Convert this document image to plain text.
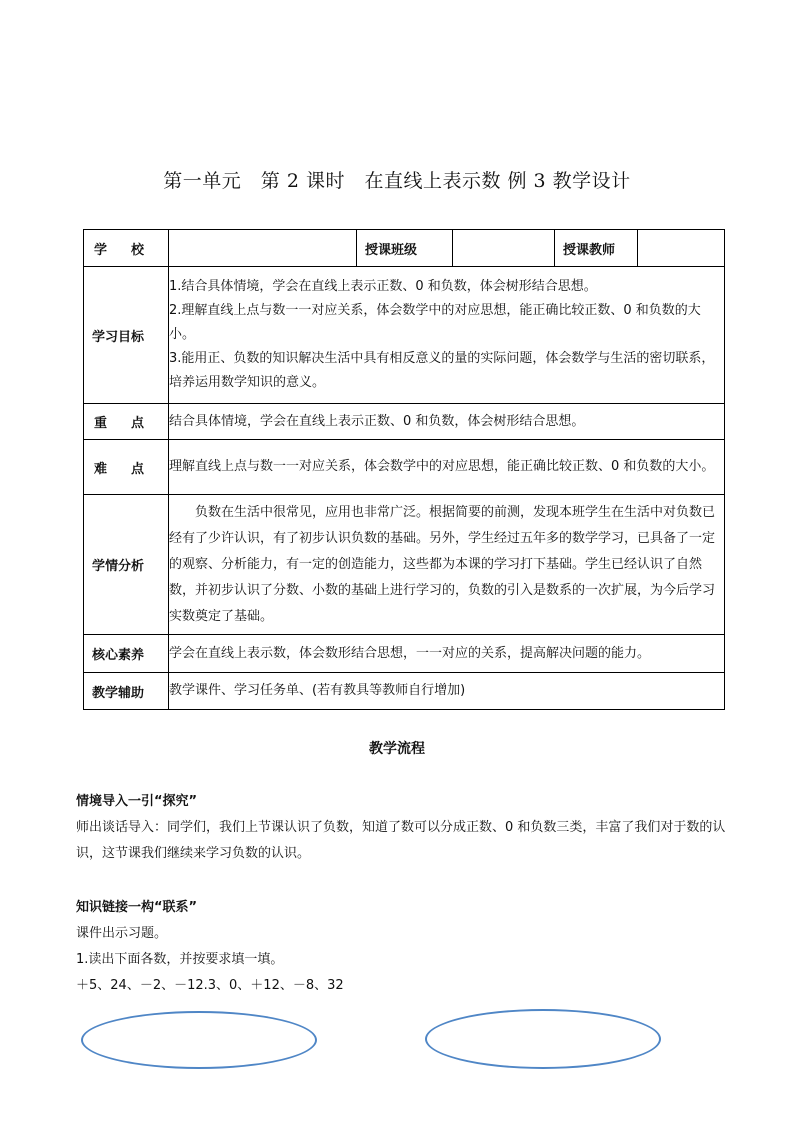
第一单元　第 2 课时　在直线上表示数 例 3 教学设计
学 校		授课班级		授课教师	

学习目标	1.结合具体情境，学会在直线上表示正数、0 和负数，体会树形结合思想。

2.理解直线上点与数一一对应关系，体会数学中的对应思想，能正确比较正数、0 和负数的大小。

3.能用正、负数的知识解决生活中具有相反意义的量的实际问题，体会数学与生活的密切联系，培养运用数学知识的意义。				

重 点	结合具体情境，学会在直线上表示正数、0 和负数，体会树形结合思想。				

难 点	理解直线上点与数一一对应关系，体会数学中的对应思想，能正确比较正数、0 和负数的大小。				

学情分析	负数在生活中很常见，应用也非常广泛。根据简要的前测，发现本班学生在生活中对负数已经有了少许认识，有了初步认识负数的基础。另外，学生经过五年多的数学学习，已具备了一定的观察、分析能力，有一定的创造能力，这些都为本课的学习打下基础。学生已经认识了自然数，并初步认识了分数、小数的基础上进行学习的，负数的引入是数系的一次扩展，为今后学习实数奠定了基础。				

核心素养	学会在直线上表示数，体会数形结合思想，一一对应的关系，提高解决问题的能力。				

教学辅助	教学课件、学习任务单、(若有教具等教师自行增加)				
教学流程
情境导入一引“探究”
师出谈话导入：同学们，我们上节课认识了负数，知道了数可以分成正数、0 和负数三类，丰富了我们对于数的认识，这节课我们继续来学习负数的认识。
知识链接一构“联系”
课件出示习题。
1.读出下面各数，并按要求填一填。
＋5、24、－2、－12.3、0、＋12、－8、32
